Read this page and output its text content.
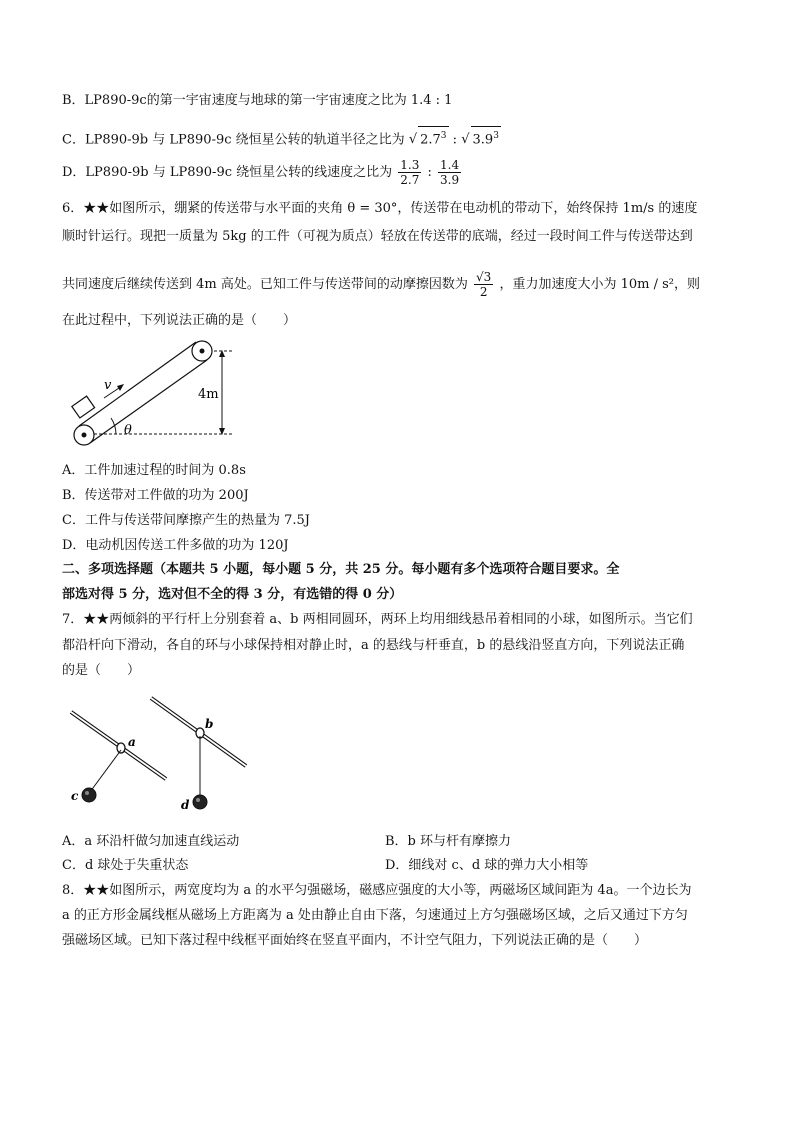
B．LP890-9c的第一宇宙速度与地球的第一宇宙速度之比为 1.4 : 1
C．LP890-9b 与 LP890-9c 绕恒星公转的轨道半径之比为 √ $2.7^3$ : √ $3.9^3$
D．LP890-9b 与 LP890-9c 绕恒星公转的线速度之比为 $\frac{1.3}{2.7}$ : $\frac{1.4}{3.9}$
6．★★如图所示，绷紧的传送带与水平面的夹角 θ = 30°，传送带在电动机的带动下，始终保持 1m/s 的速度
顺时针运行。现把一质量为 5kg 的工件（可视为质点）轻放在传送带的底端，经过一段时间工件与传送带达到
共同速度后继续传送到 4m 高处。已知工件与传送带间的动摩擦因数为 $\frac{√3}{2}$ ，重力加速度大小为 10m / s²，则
在此过程中，下列说法正确的是（　　）
v
4m
θ
A．工件加速过程的时间为 0.8s
B．传送带对工件做的功为 200J
C．工件与传送带间摩擦产生的热量为 7.5J
D．电动机因传送工件多做的功为 120J
二、多项选择题（本题共 5 小题，每小题 5 分，共 25 分。每小题有多个选项符合题目要求。全
部选对得 5 分，选对但不全的得 3 分，有选错的得 0 分）
7．★★两倾斜的平行杆上分别套着 a、b 两相同圆环，两环上均用细线悬吊着相同的小球，如图所示。当它们
都沿杆向下滑动，各自的环与小球保持相对静止时，a 的悬线与杆垂直，b 的悬线沿竖直方向，下列说法正确
的是（　　）
a
b
c
d
A．a 环沿杆做匀加速直线运动	B．b 环与杆有摩擦力
C．d 球处于失重状态	D．细线对 c、d 球的弹力大小相等
8．★★如图所示，两宽度均为 a 的水平匀强磁场，磁感应强度的大小等，两磁场区域间距为 4a。一个边长为
a 的正方形金属线框从磁场上方距离为 a 处由静止自由下落，匀速通过上方匀强磁场区域，之后又通过下方匀
强磁场区域。已知下落过程中线框平面始终在竖直平面内，不计空气阻力，下列说法正确的是（　　）
